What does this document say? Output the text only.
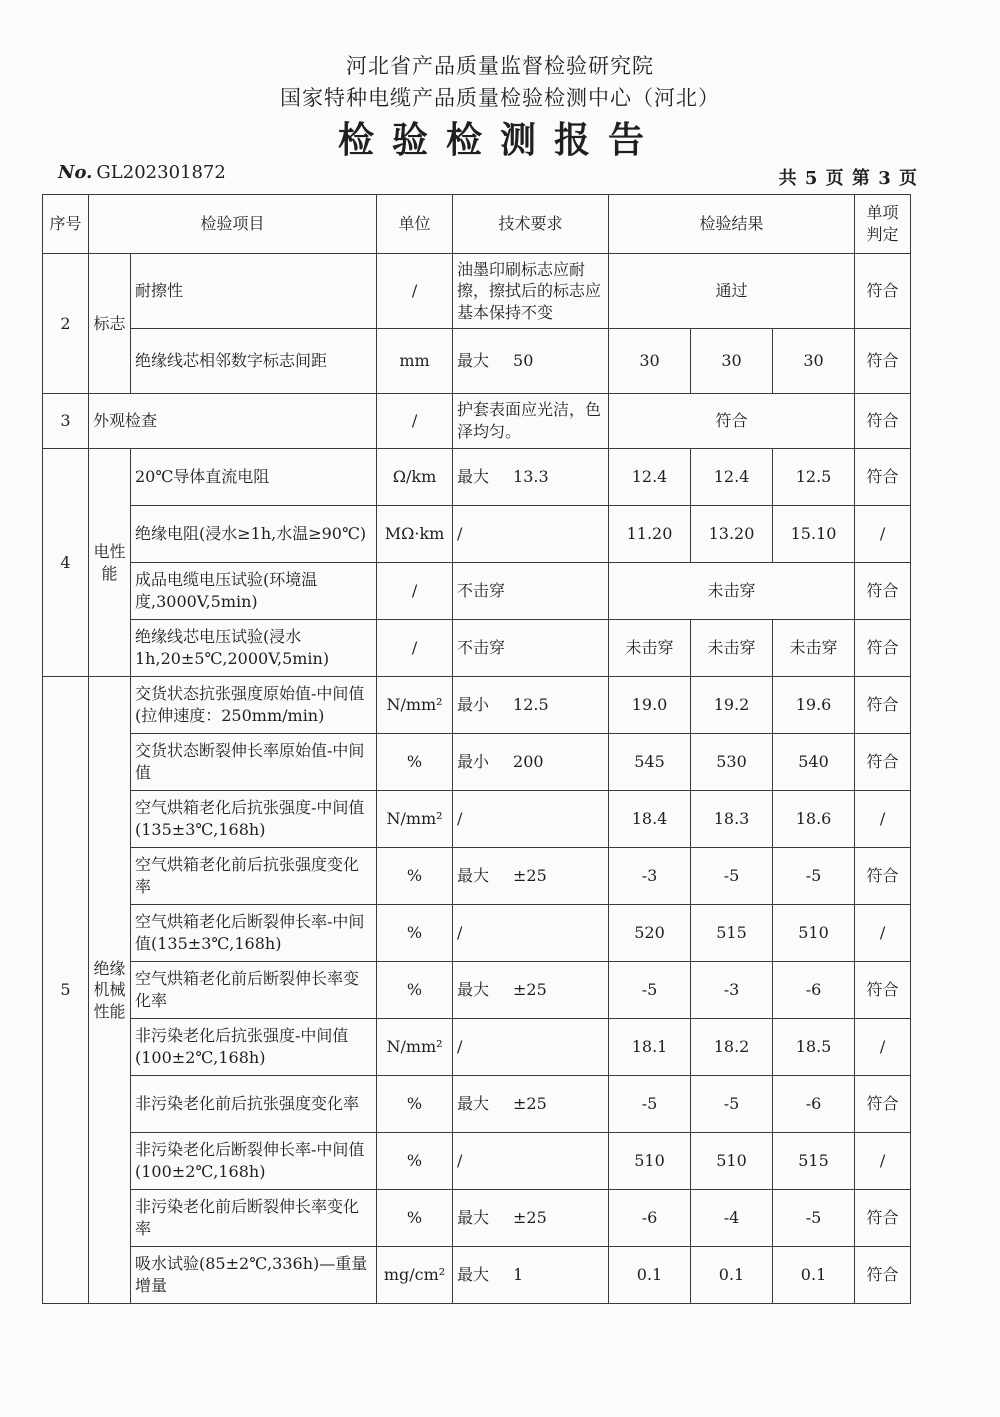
河北省产品质量监督检验研究院
国家特种电缆产品质量检验检测中心（河北）
检验检测报告
No. GL202301872	共 5 页 第 3 页
序号	检验项目		单位	技术要求	检验结果			单项判定
2	标志	耐擦性	/	油墨印刷标志应耐擦，擦拭后的标志应基本保持不变	通过			符合
		绝缘线芯相邻数字标志间距	mm	最大 50	30	30	30	符合
3	外观检查		/	护套表面应光洁，色泽均匀。	符合			符合
4	电性能	20℃导体直流电阻	Ω/km	最大 13.3	12.4	12.4	12.5	符合
		绝缘电阻(浸水≥1h,水温≥90℃)	MΩ·km	/	11.20	13.20	15.10	/
		成品电缆电压试验(环境温度,3000V,5min)	/	不击穿	未击穿			符合
		绝缘线芯电压试验(浸水1h,20±5℃,2000V,5min)	/	不击穿	未击穿	未击穿	未击穿	符合
5	绝缘机械性能	交货状态抗张强度原始值-中间值(拉伸速度：250mm/min)	N/mm²	最小 12.5	19.0	19.2	19.6	符合
		交货状态断裂伸长率原始值-中间值	%	最小 200	545	530	540	符合
		空气烘箱老化后抗张强度-中间值(135±3℃,168h)	N/mm²	/	18.4	18.3	18.6	/
		空气烘箱老化前后抗张强度变化率	%	最大 ±25	-3	-5	-5	符合
		空气烘箱老化后断裂伸长率-中间值(135±3℃,168h)	%	/	520	515	510	/
		空气烘箱老化前后断裂伸长率变化率	%	最大 ±25	-5	-3	-6	符合
		非污染老化后抗张强度-中间值(100±2℃,168h)	N/mm²	/	18.1	18.2	18.5	/
		非污染老化前后抗张强度变化率	%	最大 ±25	-5	-5	-6	符合
		非污染老化后断裂伸长率-中间值(100±2℃,168h)	%	/	510	510	515	/
		非污染老化前后断裂伸长率变化率	%	最大 ±25	-6	-4	-5	符合
		吸水试验(85±2℃,336h)—重量增量	mg/cm²	最大 1	0.1	0.1	0.1	符合
